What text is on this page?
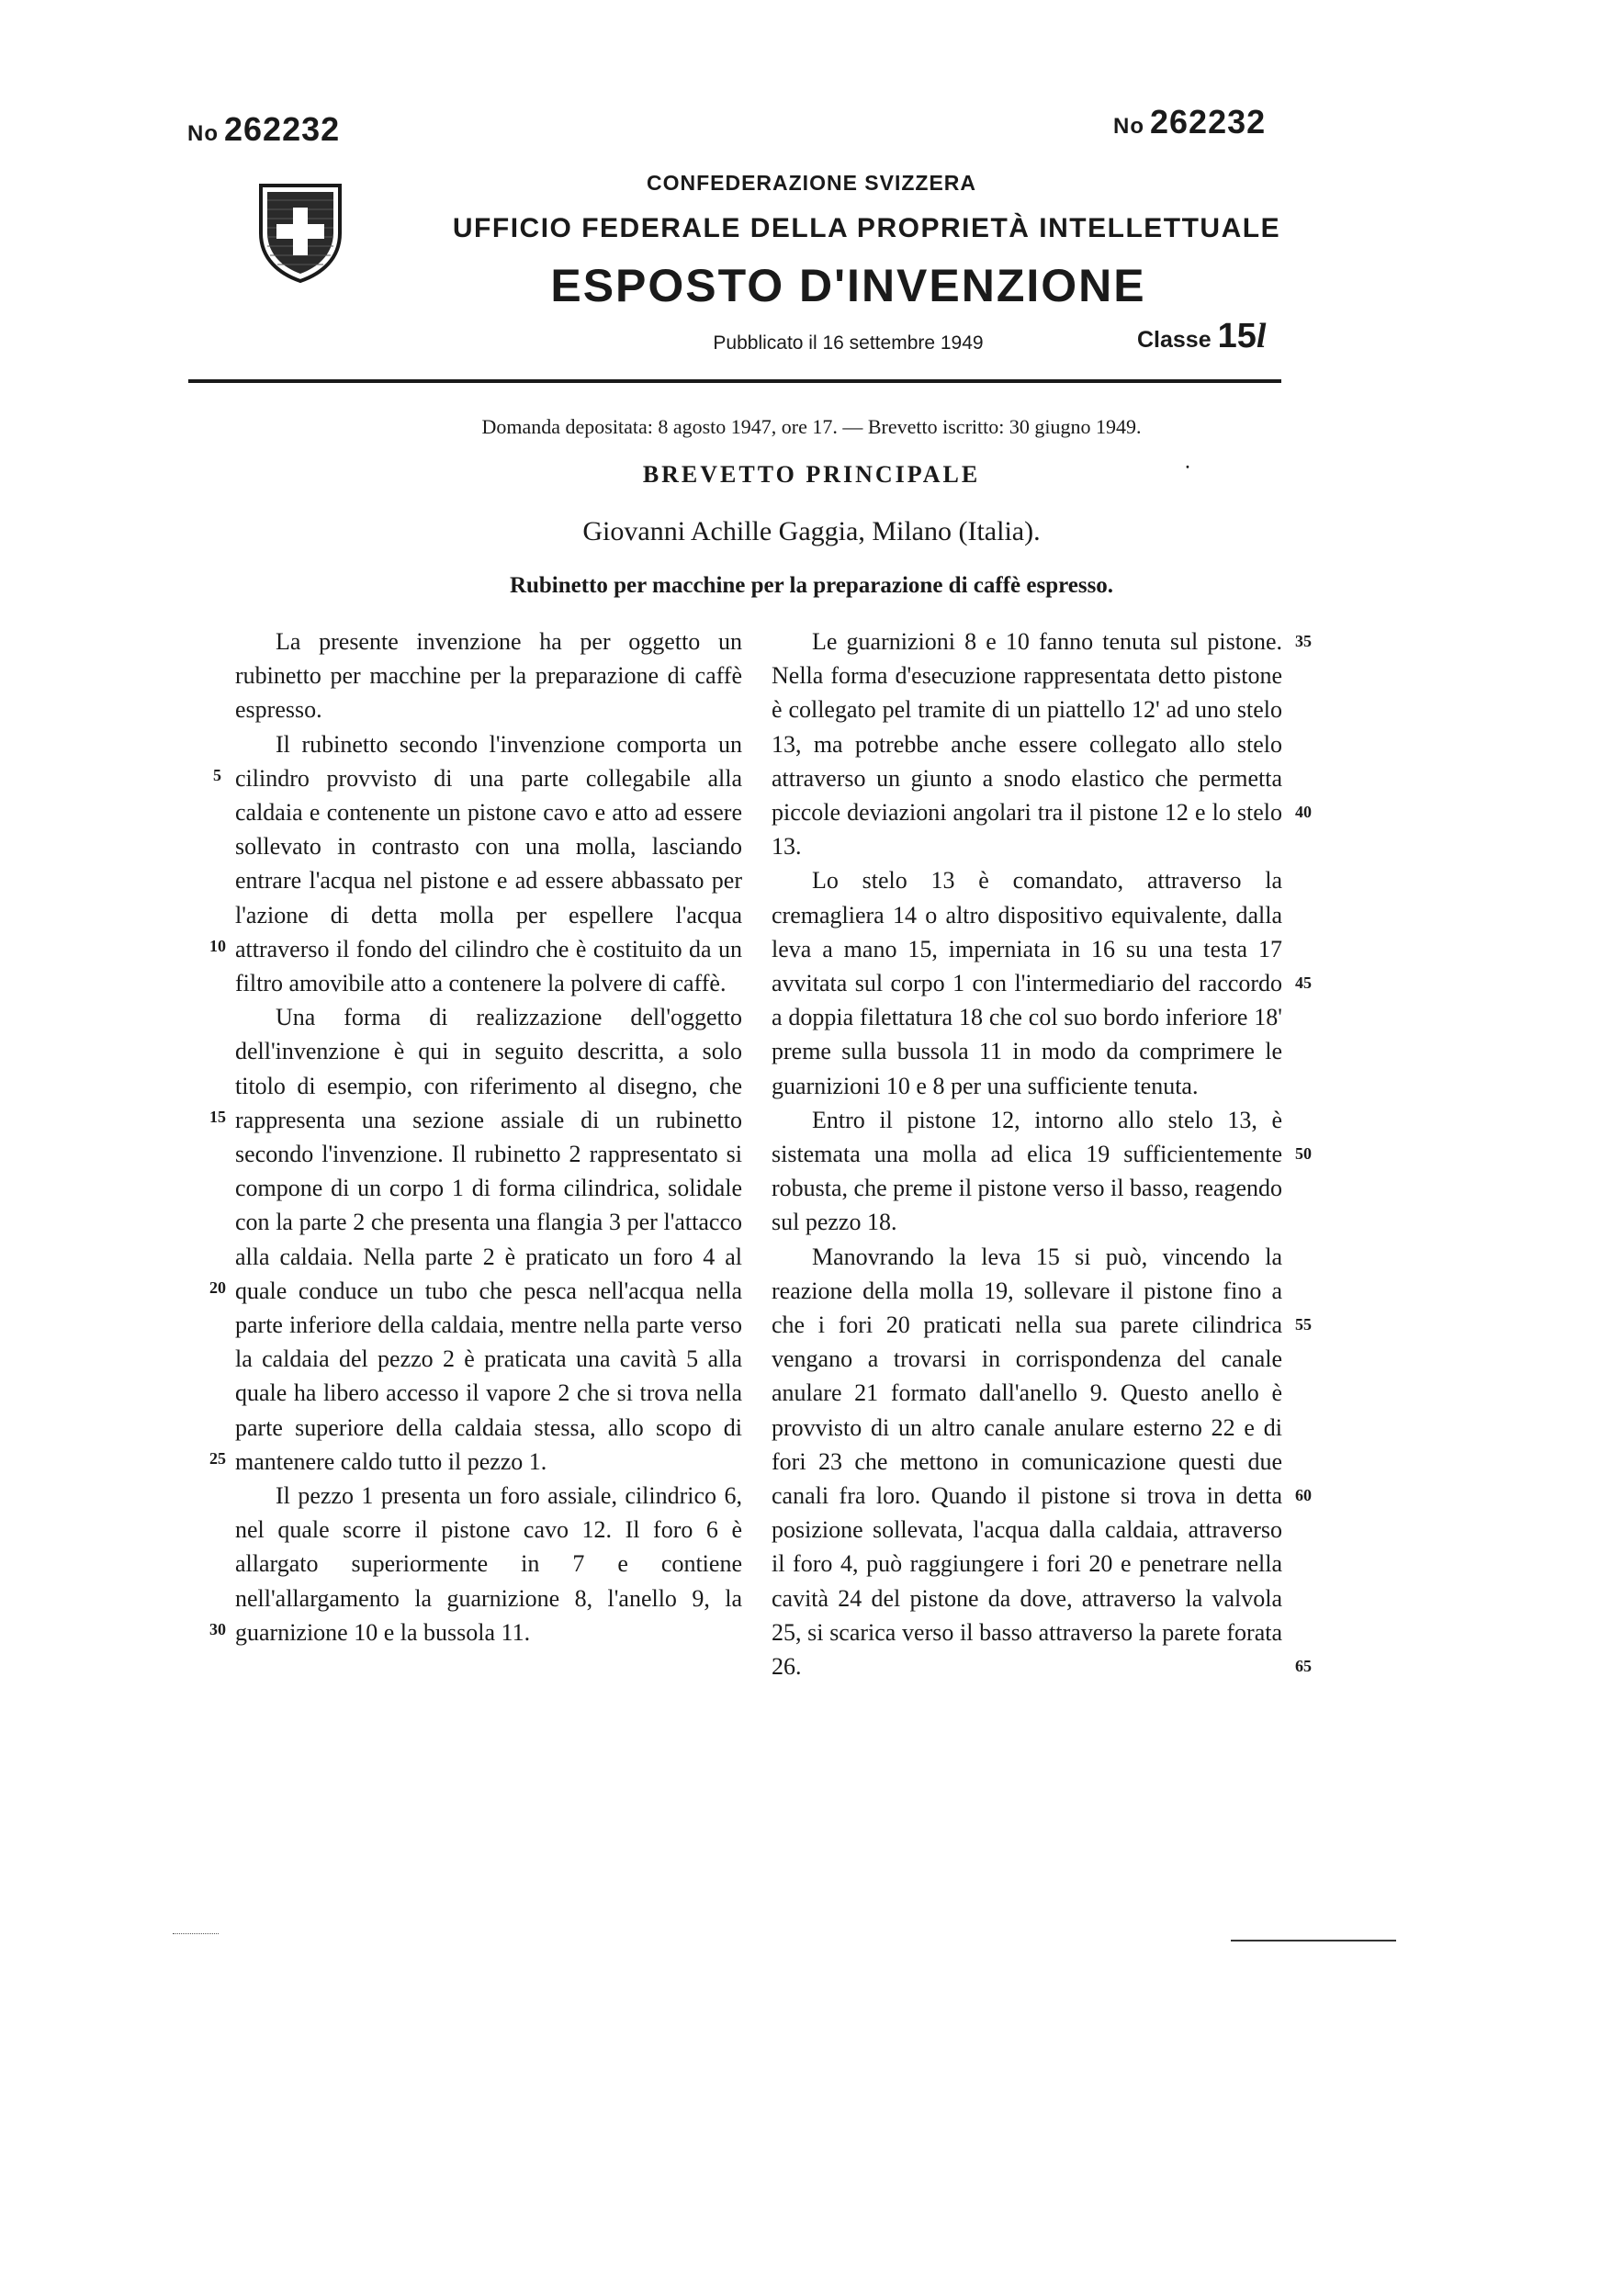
No 262232	No 262232
CONFEDERAZIONE SVIZZERA
UFFICIO FEDERALE DELLA PROPRIETÀ INTELLETTUALE
ESPOSTO D'INVENZIONE
Pubblicato il 16 settembre 1949	Classe 15l
Domanda depositata: 8 agosto 1947, ore 17. — Brevetto iscritto: 30 giugno 1949.
BREVETTO PRINCIPALE	⸱
Giovanni Achille Gaggia, Milano (Italia).
Rubinetto per macchine per la preparazione di caffè espresso.

La presente invenzione ha per oggetto un rubinetto per macchine per la preparazione di caffè espresso.

Il rubinetto secondo l'invenzione comporta un cilindro provvisto di una parte collegabile alla caldaia e contenente un pistone cavo e atto ad essere sollevato in contrasto con una molla, lasciando entrare l'acqua nel pistone e ad essere abbassato per l'azione di detta molla per espellere l'acqua attraverso il fondo del cilindro che è costituito da un filtro amovibile atto a contenere la polvere di caffè.

Una forma di realizzazione dell'oggetto dell'invenzione è qui in seguito descritta, a solo titolo di esempio, con riferimento al disegno, che rappresenta una sezione assiale di un rubinetto secondo l'invenzione. Il rubinetto 2 rappresentato si compone di un corpo 1 di forma cilindrica, solidale con la parte 2 che presenta una flangia 3 per l'attacco alla caldaia. Nella parte 2 è praticato un foro 4 al quale conduce un tubo che pesca nell'acqua nella parte inferiore della caldaia, mentre nella parte verso la caldaia del pezzo 2 è praticata una cavità 5 alla quale ha libero accesso il vapore 2 che si trova nella parte superiore della caldaia stessa, allo scopo di mantenere caldo tutto il pezzo 1.

Il pezzo 1 presenta un foro assiale, cilindrico 6, nel quale scorre il pistone cavo 12. Il foro 6 è allargato superiormente in 7 e contiene nell'allargamento la guarnizione 8, l'anello 9, la guarnizione 10 e la bussola 11.

Le guarnizioni 8 e 10 fanno tenuta sul pistone. Nella forma d'esecuzione rappresentata detto pistone è collegato pel tramite di un piattello 12' ad uno stelo 13, ma potrebbe anche essere collegato allo stelo attraverso un giunto a snodo elastico che permetta piccole deviazioni angolari tra il pistone 12 e lo stelo 13.

Lo stelo 13 è comandato, attraverso la cremagliera 14 o altro dispositivo equivalente, dalla leva a mano 15, imperniata in 16 su una testa 17 avvitata sul corpo 1 con l'intermediario del raccordo a doppia filettatura 18 che col suo bordo inferiore 18' preme sulla bussola 11 in modo da comprimere le guarnizioni 10 e 8 per una sufficiente tenuta.

Entro il pistone 12, intorno allo stelo 13, è sistemata una molla ad elica 19 sufficientemente robusta, che preme il pistone verso il basso, reagendo sul pezzo 18.

Manovrando la leva 15 si può, vincendo la reazione della molla 19, sollevare il pistone fino a che i fori 20 praticati nella sua parete cilindrica vengano a trovarsi in corrispondenza del canale anulare 21 formato dall'anello 9. Questo anello è provvisto di un altro canale anulare esterno 22 e di fori 23 che mettono in comunicazione questi due canali fra loro. Quando il pistone si trova in detta posizione sollevata, l'acqua dalla caldaia, attraverso il foro 4, può raggiungere i fori 20 e penetrare nella cavità 24 del pistone da dove, attraverso la valvola 25, si scarica verso il basso attraverso la parete forata 26.

5
10
15
20
25
30
35
40
45
50
55
60
65
